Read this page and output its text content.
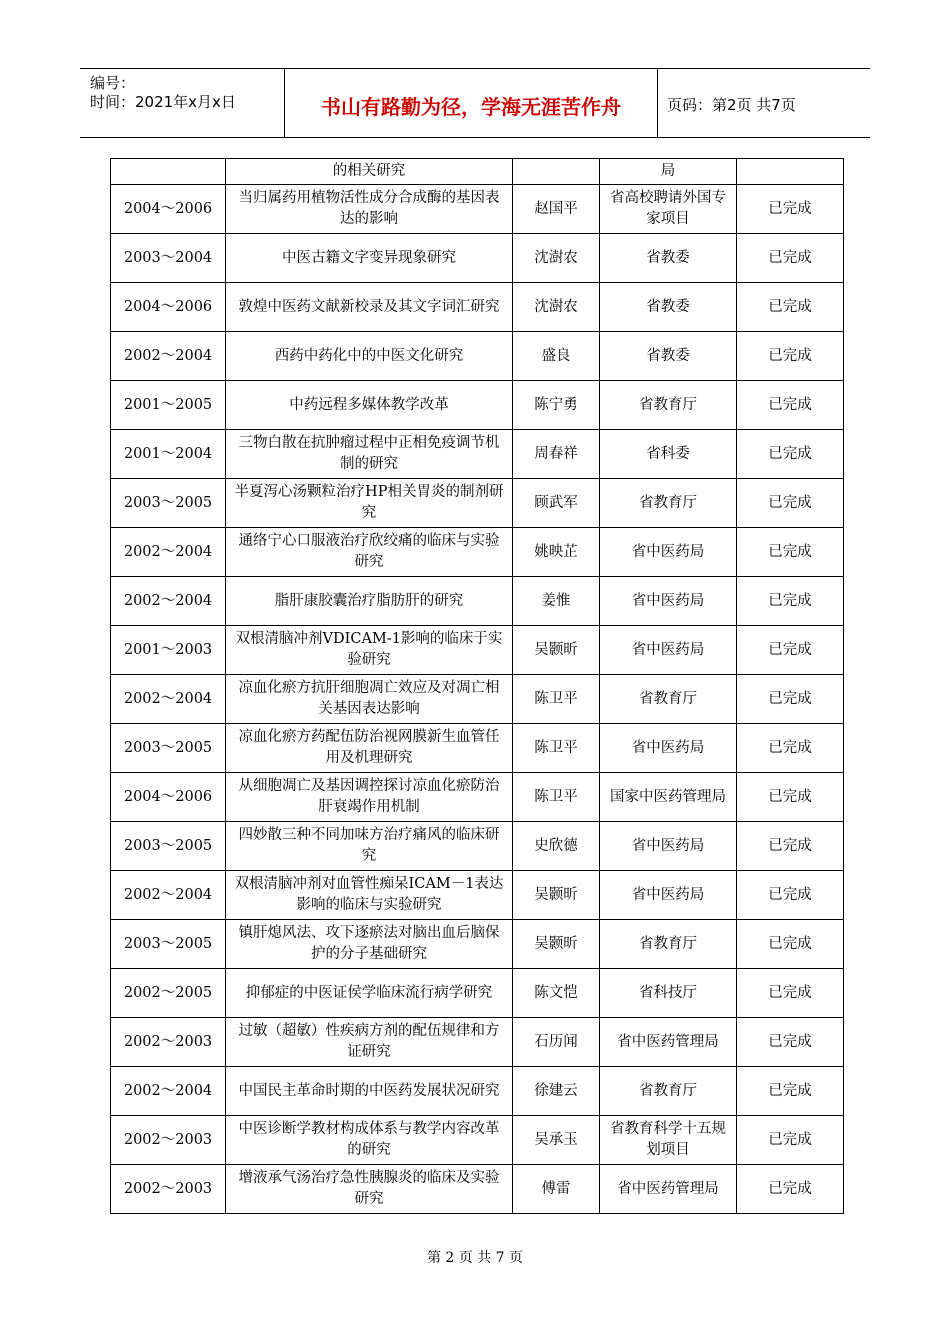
编号：
时间：2021年x月x日	书山有路勤为径，学海无涯苦作舟	页码：第2页 共7页
	的相关研究		局	
2004～2006	当归属药用植物活性成分合成酶的基因表达的影响	赵国平	省高校聘请外国专家项目	已完成
2003～2004	中医古籍文字变异现象研究	沈澍农	省教委	已完成
2004～2006	敦煌中医药文献新校录及其文字词汇研究	沈澍农	省教委	已完成
2002～2004	西药中药化中的中医文化研究	盛良	省教委	已完成
2001～2005	中药远程多媒体教学改革	陈宁勇	省教育厅	已完成
2001～2004	三物白散在抗肿瘤过程中正相免疫调节机制的研究	周春祥	省科委	已完成
2003～2005	半夏泻心汤颗粒治疗HP相关胃炎的制剂研究	顾武军	省教育厅	已完成
2002～2004	通络宁心口服液治疗欣绞痛的临床与实验研究	姚映芷	省中医药局	已完成
2002～2004	脂肝康胶囊治疗脂肪肝的研究	姜惟	省中医药局	已完成
2001～2003	双根清脑冲剂VDICAM-1影响的临床于实验研究	吴颢昕	省中医药局	已完成
2002～2004	凉血化瘀方抗肝细胞凋亡效应及对凋亡相关基因表达影响	陈卫平	省教育厅	已完成
2003～2005	凉血化瘀方药配伍防治视网膜新生血管任用及机理研究	陈卫平	省中医药局	已完成
2004～2006	从细胞凋亡及基因调控探讨凉血化瘀防治肝衰竭作用机制	陈卫平	国家中医药管理局	已完成
2003～2005	四妙散三种不同加味方治疗痛风的临床研究	史欣德	省中医药局	已完成
2002～2004	双根清脑冲剂对血管性痴呆ICAM－1表达影响的临床与实验研究	吴颢昕	省中医药局	已完成
2003～2005	镇肝熄风法、攻下逐瘀法对脑出血后脑保护的分子基础研究	吴颢昕	省教育厅	已完成
2002～2005	抑郁症的中医证侯学临床流行病学研究	陈文恺	省科技厅	已完成
2002～2003	过敏（超敏）性疾病方剂的配伍规律和方证研究	石历闻	省中医药管理局	已完成
2002～2004	中国民主革命时期的中医药发展状况研究	徐建云	省教育厅	已完成
2002～2003	中医诊断学教材构成体系与教学内容改革的研究	吴承玉	省教育科学十五规划项目	已完成
2002～2003	增液承气汤治疗急性胰腺炎的临床及实验研究	傅雷	省中医药管理局	已完成
第 2 页 共 7 页
